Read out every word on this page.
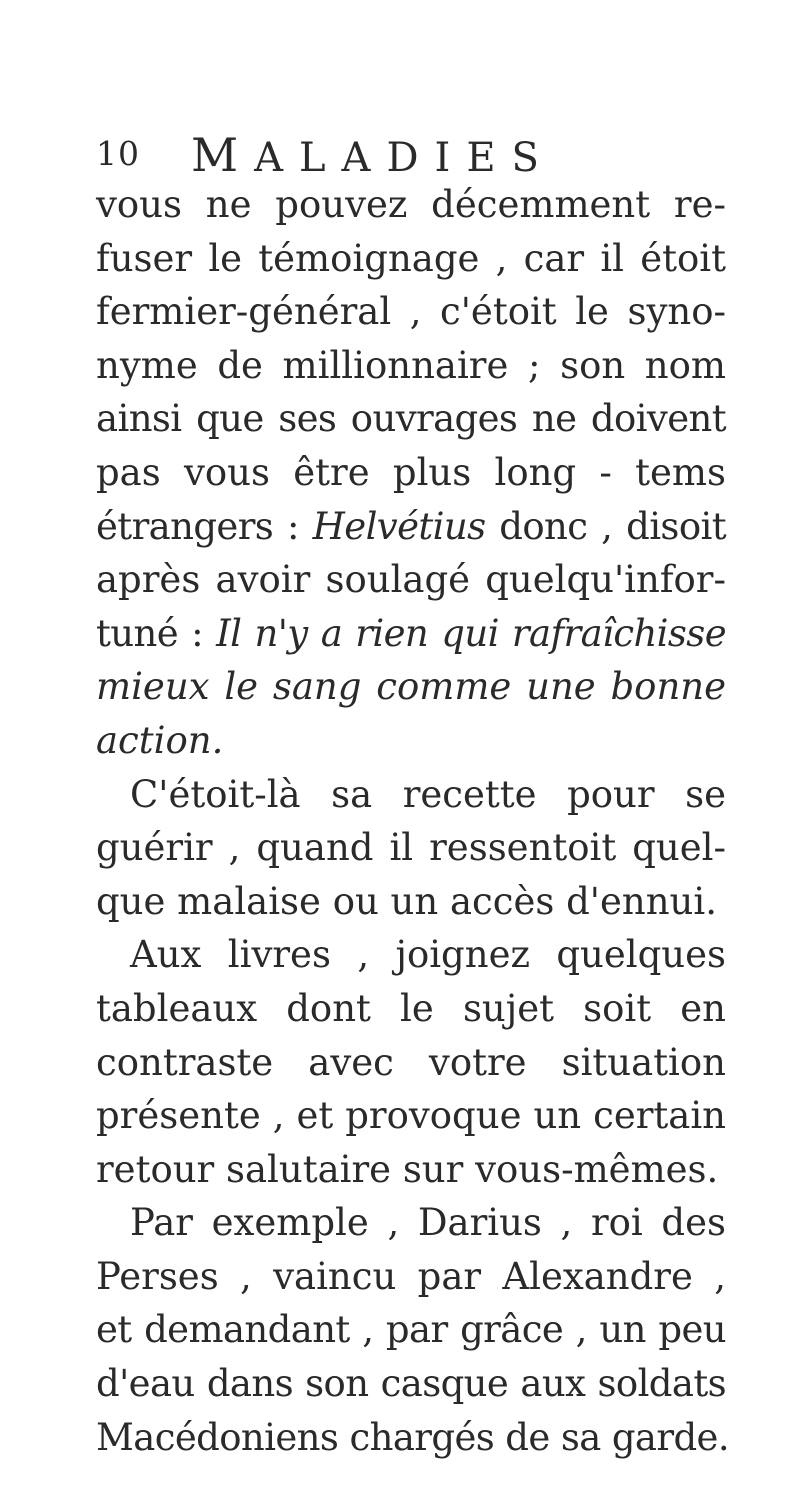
10 MALADIES
vous ne pouvez décemment re-
fuser le témoignage , car il étoit
fermier-général , c'étoit le syno-
nyme de millionnaire ; son nom
ainsi que ses ouvrages ne doivent
pas vous être plus long - tems
étrangers : Helvétius donc , disoit
après avoir soulagé quelqu'infor-
tuné : Il n'y a rien qui rafraîchisse
mieux le sang comme une bonne
action.
C'étoit-là sa recette pour se
guérir , quand il ressentoit quel-
que malaise ou un accès d'ennui.
Aux livres , joignez quelques
tableaux dont le sujet soit en
contraste avec votre situation
présente , et provoque un certain
retour salutaire sur vous-mêmes.
Par exemple , Darius , roi des
Perses , vaincu par Alexandre ,
et demandant , par grâce , un peu
d'eau dans son casque aux soldats
Macédoniens chargés de sa garde.
